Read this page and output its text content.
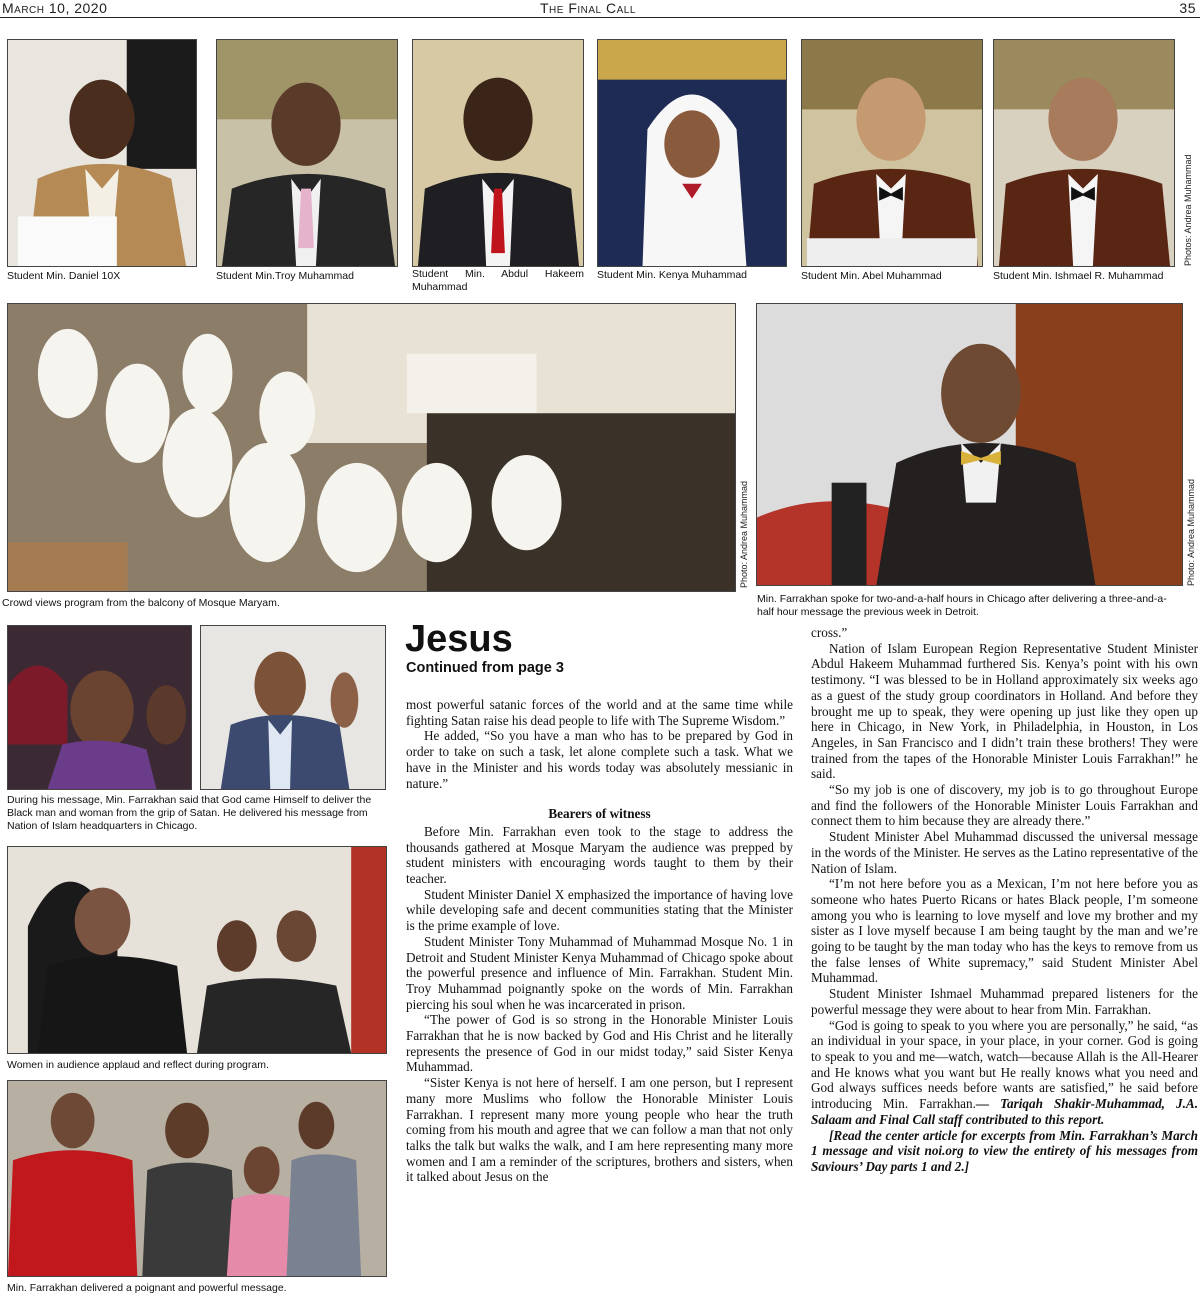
March 10, 2020	The Final Call	35
Student Min. Daniel 10X	Student Min.Troy Muhammad	Student Min. Abdul Hakeem Muhammad
Student Min. Kenya Muhammad	Student Min. Abel Muhammad	Student Min. Ishmael R. Muhammad
Photos: Andrea Muhammad
Crowd views program from the balcony of Mosque Maryam.
Photo: Andrea Muhammad
Min. Farrakhan spoke for two-and-a-half hours in Chicago after delivering a three-and-a-half hour message the previous week in Detroit.
Photo: Andrea Muhammad
During his message, Min. Farrakhan said that God came Himself to deliver the Black man and woman from the grip of Satan. He delivered his message from Nation of Islam headquarters in Chicago.
Women in audience applaud and reflect during program.
Min. Farrakhan delivered a poignant and powerful message.
Jesus
Continued from page 3

most powerful satanic forces of the world and at the same time while fighting Satan raise his dead people to life with The Supreme Wisdom.”

He added, “So you have a man who has to be prepared by God in order to take on such a task, let alone complete such a task. What we have in the Minister and his words today was absolutely messianic in nature.”

Bearers of witness

Before Min. Farrakhan even took to the stage to address the thousands gathered at Mosque Maryam the audience was prepped by student ministers with encouraging words taught to them by their teacher.

Student Minister Daniel X emphasized the importance of having love while developing safe and decent communities stating that the Minister is the prime example of love.

Student Minister Tony Muhammad of Muhammad Mosque No. 1 in Detroit and Student Minister Kenya Muhammad of Chicago spoke about the powerful presence and influence of Min. Farrakhan. Student Min. Troy Muhammad poignantly spoke on the words of Min. Farrakhan piercing his soul when he was incarcerated in prison.

“The power of God is so strong in the Honorable Minister Louis Farrakhan that he is now backed by God and His Christ and he literally represents the presence of God in our midst today,” said Sister Kenya Muhammad.

“Sister Kenya is not here of herself. I am one person, but I represent many more Muslims who follow the Honorable Minister Louis Farrakhan. I represent many more young people who hear the truth coming from his mouth and agree that we can follow a man that not only talks the talk but walks the walk, and I am here representing many more women and I am a reminder of the scriptures, brothers and sisters, when it talked about Jesus on the

cross.”

Nation of Islam European Region Representative Student Minister Abdul Hakeem Muhammad furthered Sis. Kenya’s point with his own testimony. “I was blessed to be in Holland approximately six weeks ago as a guest of the study group coordinators in Holland. And before they brought me up to speak, they were opening up just like they open up here in Chicago, in New York, in Philadelphia, in Houston, in Los Angeles, in San Francisco and I didn’t train these brothers! They were trained from the tapes of the Honorable Minister Louis Farrakhan!” he said.

“So my job is one of discovery, my job is to go throughout Europe and find the followers of the Honorable Minister Louis Farrakhan and connect them to him because they are already there.”

Student Minister Abel Muhammad discussed the universal message in the words of the Minister. He serves as the Latino representative of the Nation of Islam.

“I’m not here before you as a Mexican, I’m not here before you as someone who hates Puerto Ricans or hates Black people, I’m someone among you who is learning to love myself and love my brother and my sister as I love myself because I am being taught by the man and we’re going to be taught by the man today who has the keys to remove from us the false lenses of White supremacy,” said Student Minister Abel Muhammad.

Student Minister Ishmael Muhammad prepared listeners for the powerful message they were about to hear from Min. Farrakhan.

“God is going to speak to you where you are personally,” he said, “as an individual in your space, in your place, in your corner. God is going to speak to you and me—watch, watch—because Allah is the All-Hearer and He knows what you want but He really knows what you need and God always suffices needs before wants are satisfied,” he said before introducing Min. Farrakhan.— Tariqah Shakir-Muhammad, J.A. Salaam and Final Call staff contributed to this report.

[Read the center article for excerpts from Min. Farrakhan’s March 1 message and visit noi.org to view the entirety of his messages from Saviours’ Day parts 1 and 2.]
